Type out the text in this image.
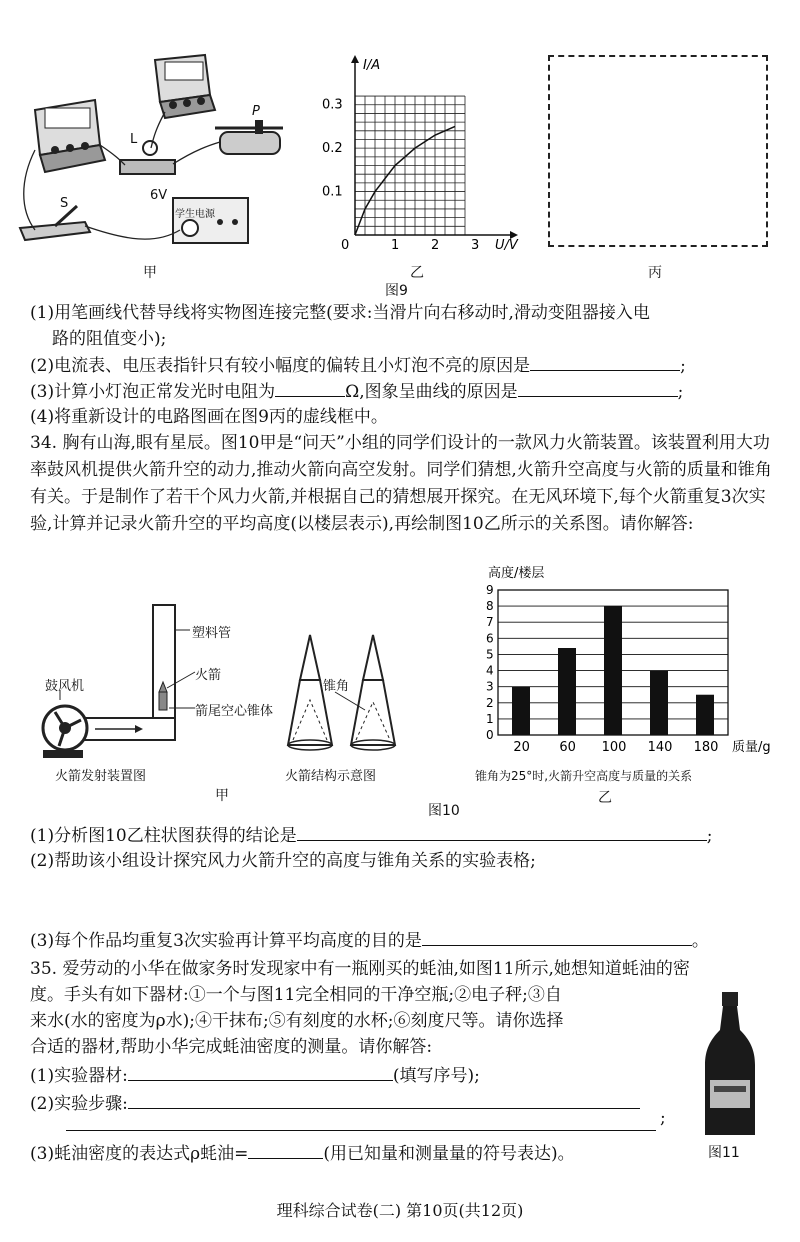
L
P
S
6V
学生电源
甲
0	1 2 3
0.1
0.2
0.3
I/A
U/V
乙	丙
图9
(1)用笔画线代替导线将实物图连接完整(要求:当滑片向右移动时,滑动变阻器接入电
路的阻值变小);
(2)电流表、电压表指针只有较小幅度的偏转且小灯泡不亮的原因是	;
(3)计算小灯泡正常发光时电阻为	Ω,图象呈曲线的原因是	;
(4)将重新设计的电路图画在图9丙的虚线框中。
34. 胸有山海,眼有星辰。图10甲是“问天”小组的同学们设计的一款风力火箭装置。该装置利用大功率鼓风机提供火箭升空的动力,推动火箭向高空发射。同学们猜想,火箭升空高度与火箭的质量和锥角有关。于是制作了若干个风力火箭,并根据自己的猜想展开探究。在无风环境下,每个火箭重复3次实验,计算并记录火箭升空的平均高度(以楼层表示),再绘制图10乙所示的关系图。请你解答:
塑料管
鼓风机
火箭
箭尾空心锥体
火箭发射装置图
锥角
火箭结构示意图
甲
0
1
2
3
4
5
6
7
8
9
高度/楼层
20 60 100 140 180 质量/g
锥角为25°时,火箭升空高度与质量的关系
乙
图10
(1)分析图10乙柱状图获得的结论是	;
(2)帮助该小组设计探究风力火箭升空的高度与锥角关系的实验表格;
(3)每个作品均重复3次实验再计算平均高度的目的是	。
35. 爱劳动的小华在做家务时发现家中有一瓶刚买的蚝油,如图11所示,她想知道蚝油的密
度。手头有如下器材:①一个与图11完全相同的干净空瓶;②电子秤;③自
来水(水的密度为ρ水);④干抹布;⑤有刻度的水杯;⑥刻度尺等。请你选择
合适的器材,帮助小华完成蚝油密度的测量。请你解答:
(1)实验器材:	(填写序号);
(2)实验步骤:
;
(3)蚝油密度的表达式ρ蚝油=	(用已知量和测量量的符号表达)。	图11
理科综合试卷(二) 第10页(共12页)
